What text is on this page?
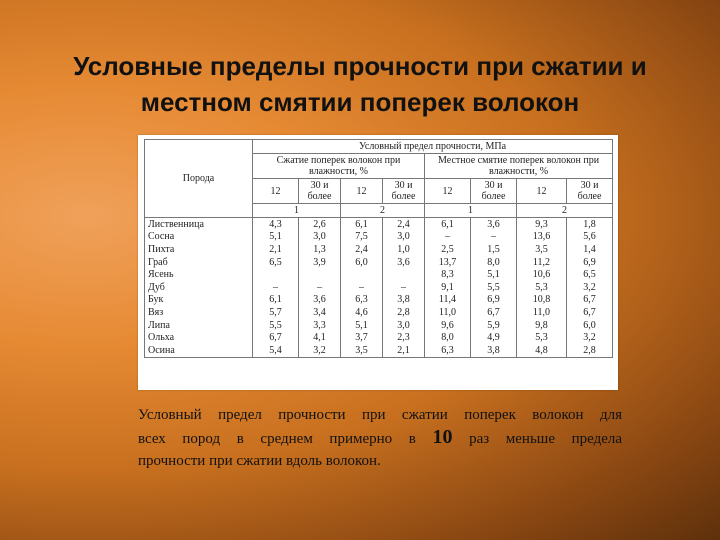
Условные пределы прочности при сжатии и
местном смятии поперек волокон
Порода	Условный предел прочности, МПа							
	Сжатие поперек волокон при влажности, %				Местное смятие поперек волокон при влажности, %			
	12	30 и более	12	30 и более	12	30 и более	12	30 и более
	1		2		1		2	
Лиственница	4,3	2,6	6,1	2,4	6,1	3,6	9,3	1,8
Сосна	5,1	3,0	7,5	3,0	–	–	13,6	5,6
Пихта	2,1	1,3	2,4	1,0	2,5	1,5	3,5	1,4
Граб	6,5	3,9	6,0	3,6	13,7	8,0	11,2	6,9
Ясень					8,3	5,1	10,6	6,5
Дуб	–	–	–	–	9,1	5,5	5,3	3,2
Бук	6,1	3,6	6,3	3,8	11,4	6,9	10,8	6,7
Вяз	5,7	3,4	4,6	2,8	11,0	6,7	11,0	6,7
Липа	5,5	3,3	5,1	3,0	9,6	5,9	9,8	6,0
Ольха	6,7	4,1	3,7	2,3	8,0	4,9	5,3	3,2
Осина	5,4	3,2	3,5	2,1	6,3	3,8	4,8	2,8
Условный предел прочности при сжатии поперек волокон для
всех пород в среднем примерно в 10 раз меньше предела
прочности при сжатии вдоль волокон.
